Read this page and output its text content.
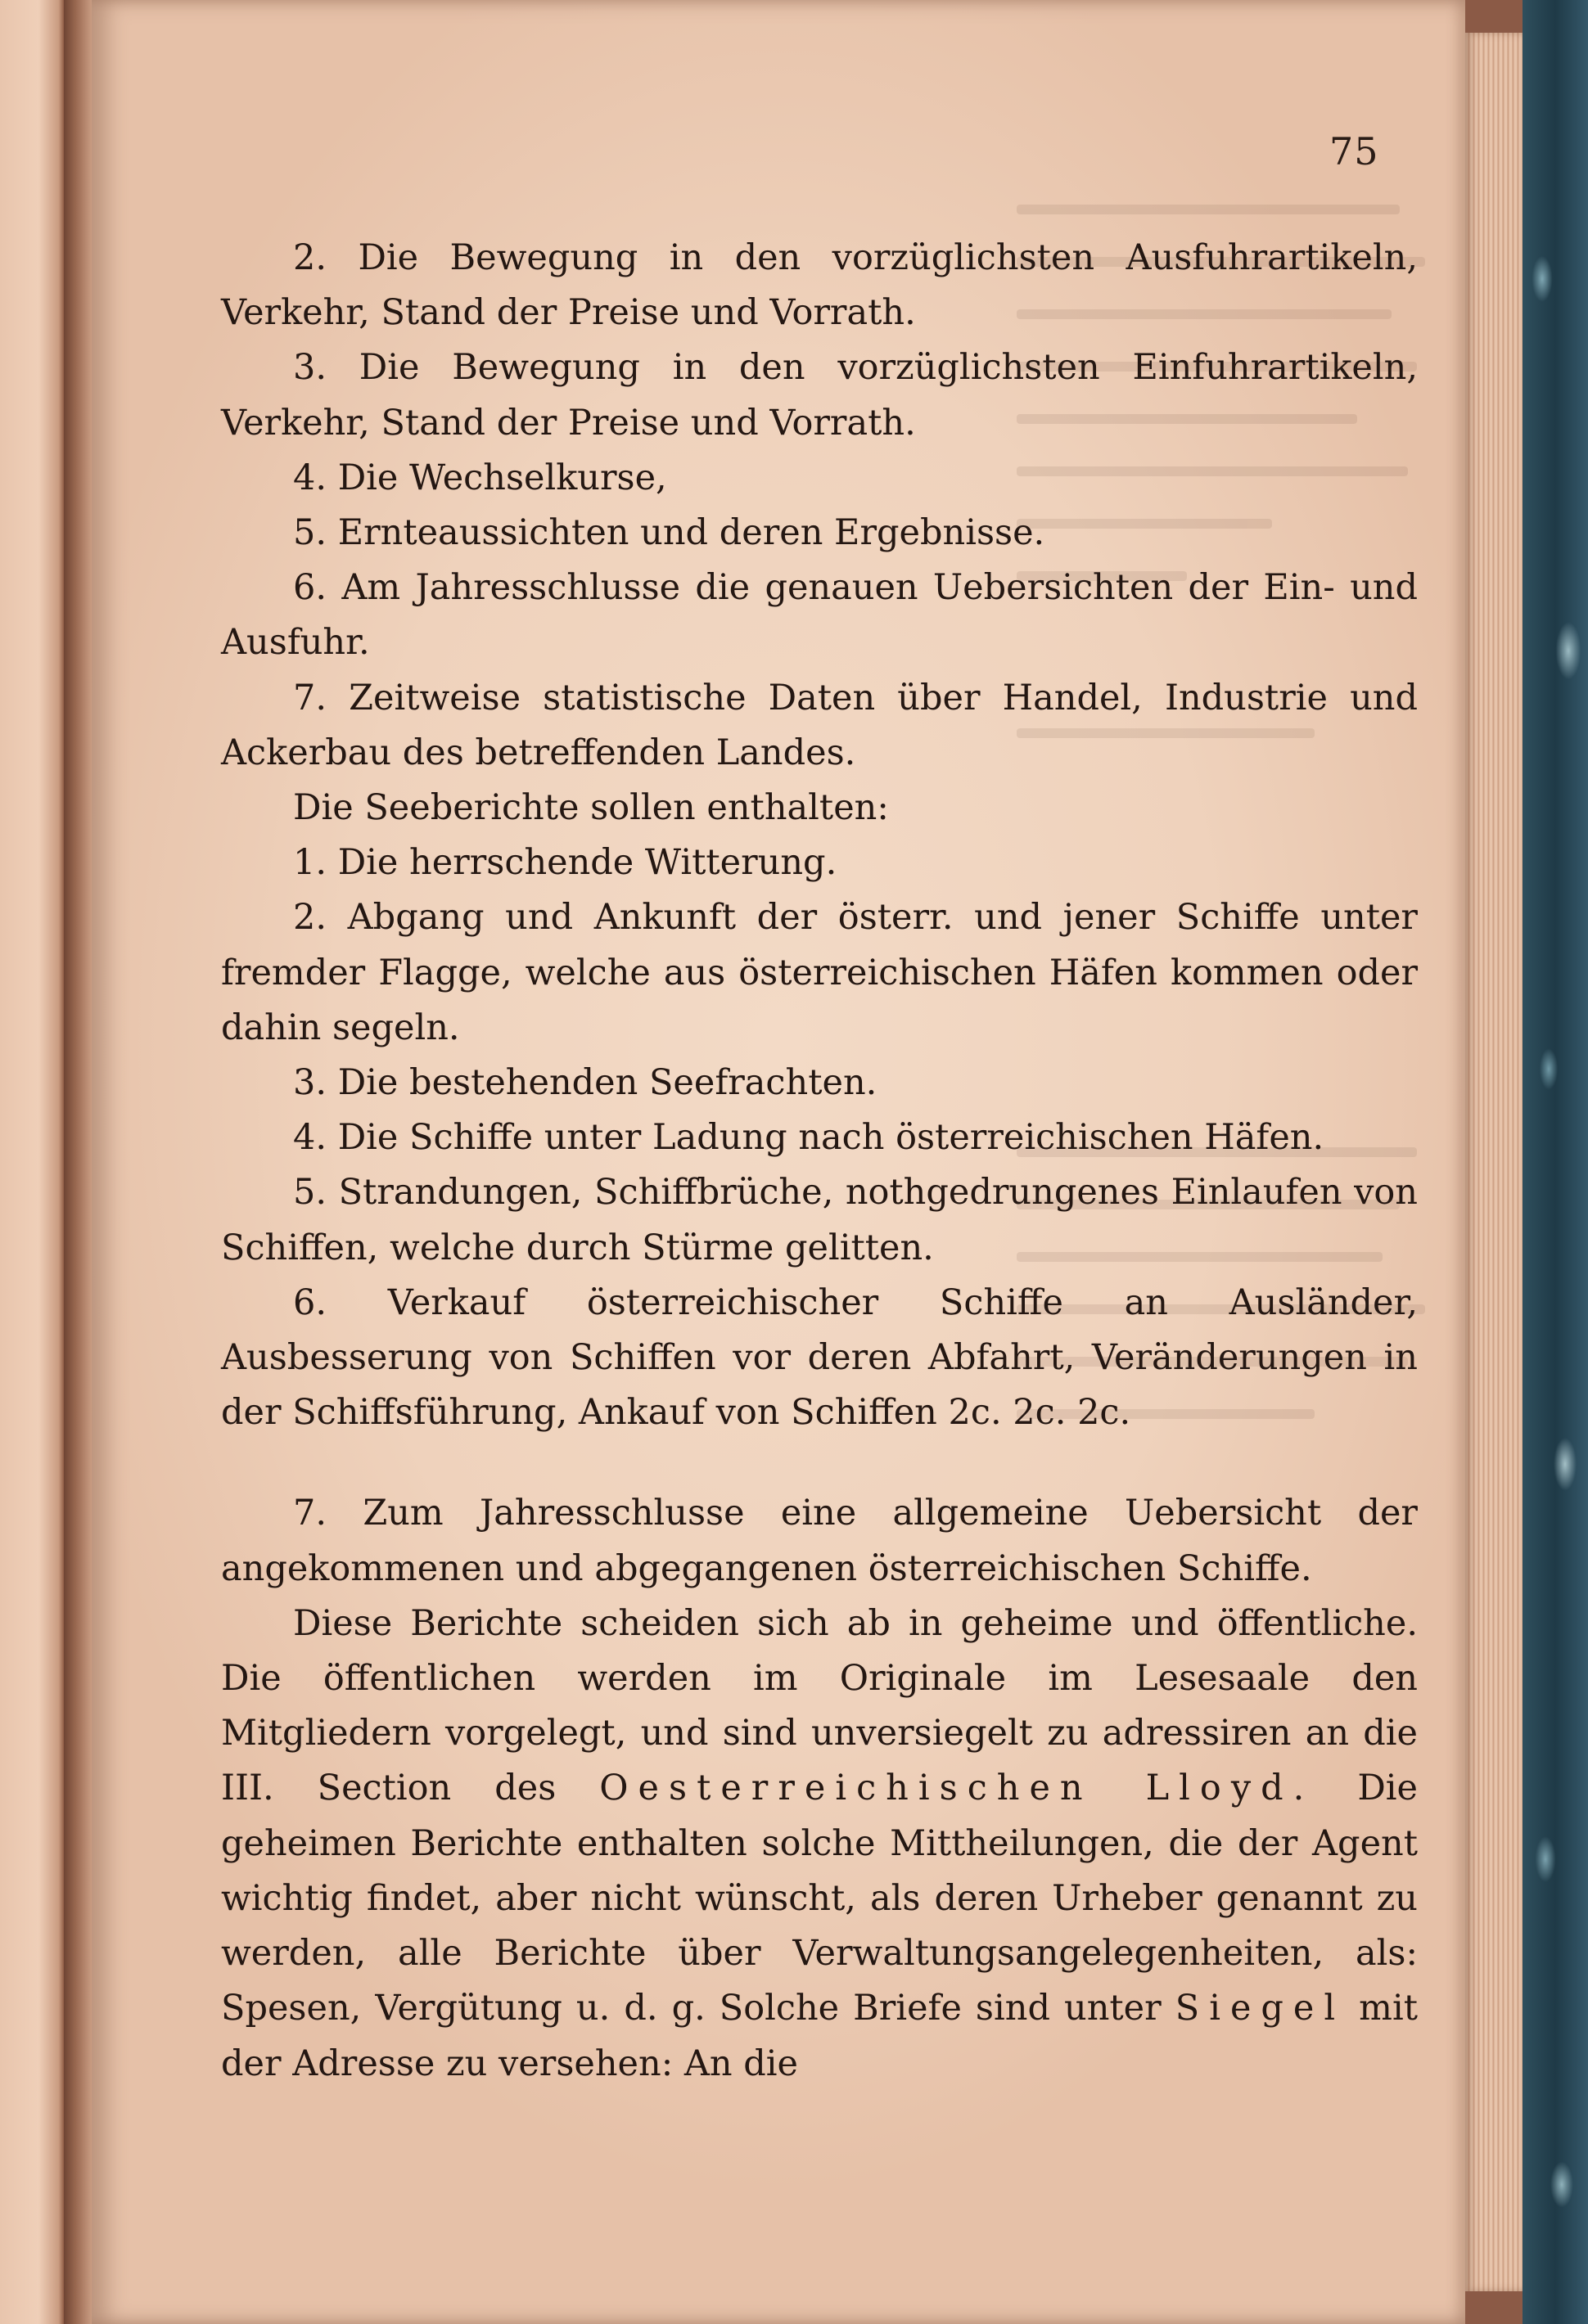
75

2. Die Bewegung in den vorzüglichsten Ausfuhrartikeln, Verkehr, Stand der Preise und Vorrath.

3. Die Bewegung in den vorzüglichsten Einfuhrartikeln, Verkehr, Stand der Preise und Vorrath.

4. Die Wechselkurse,

5. Ernteaussichten und deren Ergebnisse.

6. Am Jahresschlusse die genauen Uebersichten der Ein- und Ausfuhr.

7. Zeitweise statistische Daten über Handel, Industrie und Ackerbau des betreffenden Landes.

Die Seeberichte sollen enthalten:

1. Die herrschende Witterung.

2. Abgang und Ankunft der österr. und jener Schiffe unter fremder Flagge, welche aus österreichischen Häfen kommen oder dahin segeln.

3. Die bestehenden Seefrachten.

4. Die Schiffe unter Ladung nach österreichischen Häfen.

5. Strandungen, Schiffbrüche, nothgedrungenes Einlaufen von Schiffen, welche durch Stürme gelitten.

6. Verkauf österreichischer Schiffe an Ausländer, Ausbesserung von Schiffen vor deren Abfahrt, Veränderungen in der Schiffsführung, Ankauf von Schiffen 2c. 2c. 2c.

7. Zum Jahresschlusse eine allgemeine Uebersicht der angekommenen und abgegangenen österreichischen Schiffe.

Diese Berichte scheiden sich ab in geheime und öffentliche. Die öffentlichen werden im Originale im Lesesaale den Mitgliedern vorgelegt, und sind unversiegelt zu adressiren an die III. Section des Oesterreichischen Lloyd. Die geheimen Berichte enthalten solche Mittheilungen, die der Agent wichtig findet, aber nicht wünscht, als deren Urheber genannt zu werden, alle Berichte über Verwaltungsangelegenheiten, als: Spesen, Vergütung u. d. g. Solche Briefe sind unter Siegel mit der Adresse zu versehen: An die
